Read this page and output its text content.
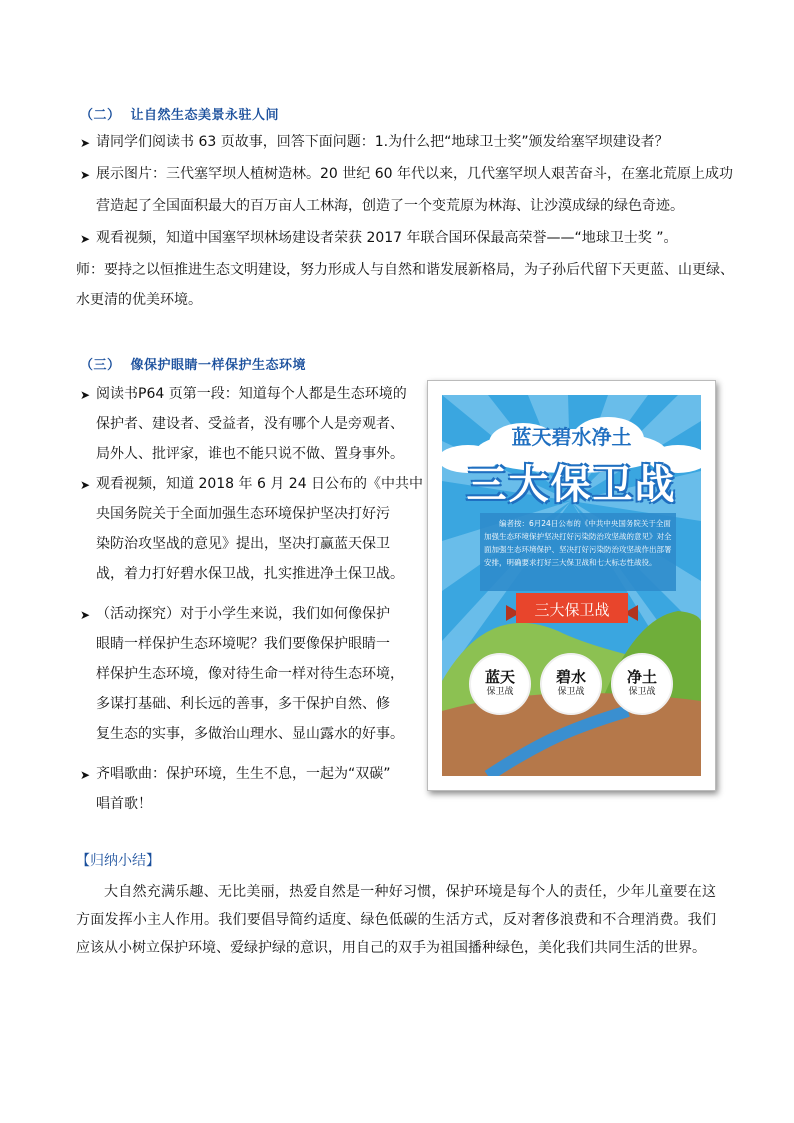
（二） 让自然生态美景永驻人间
➤ 请同学们阅读书 63 页故事，回答下面问题：1.为什么把“地球卫士奖”颁发给塞罕坝建设者？
➤ 展示图片：三代塞罕坝人植树造林。20 世纪 60 年代以来，几代塞罕坝人艰苦奋斗，在塞北荒原上成功
营造起了全国面积最大的百万亩人工林海，创造了一个变荒原为林海、让沙漠成绿的绿色奇迹。
➤ 观看视频，知道中国塞罕坝林场建设者荣获 2017 年联合国环保最高荣誉——“地球卫士奖 ”。
师：要持之以恒推进生态文明建设，努力形成人与自然和谐发展新格局，为子孙后代留下天更蓝、山更绿、
水更清的优美环境。
（三） 像保护眼睛一样保护生态环境
➤ 阅读书P64 页第一段：知道每个人都是生态环境的
保护者、建设者、受益者，没有哪个人是旁观者、
局外人、批评家，谁也不能只说不做、置身事外。
➤ 观看视频，知道 2018 年 6 月 24 日公布的《中共中
央国务院关于全面加强生态环境保护坚决打好污
染防治攻坚战的意见》提出，坚决打赢蓝天保卫
战，着力打好碧水保卫战，扎实推进净土保卫战。
➤ （活动探究）对于小学生来说，我们如何像保护
眼睛一样保护生态环境呢？我们要像保护眼睛一
样保护生态环境，像对待生命一样对待生态环境，
多谋打基础、利长远的善事，多干保护自然、修
复生态的实事，多做治山理水、显山露水的好事。
➤ 齐唱歌曲：保护环境，生生不息，一起为“双碳”
唱首歌！
蓝天碧水净土
三大保卫战
编者按：6月24日公布的《中共中央国务院关于全面加强生态环境保护坚决打好污染防治攻坚战的意见》对全面加强生态环境保护、坚决打好污染防治攻坚战作出部署安排，明确要求打好三大保卫战和七大标志性战役。
三大保卫战
蓝天
保卫战
碧水
保卫战
净土
保卫战
【归纳小结】
大自然充满乐趣、无比美丽，热爱自然是一种好习惯，保护环境是每个人的责任，少年儿童要在这方面发挥小主人作用。我们要倡导简约适度、绿色低碳的生活方式，反对奢侈浪费和不合理消费。我们应该从小树立保护环境、爱绿护绿的意识，用自己的双手为祖国播种绿色，美化我们共同生活的世界。
